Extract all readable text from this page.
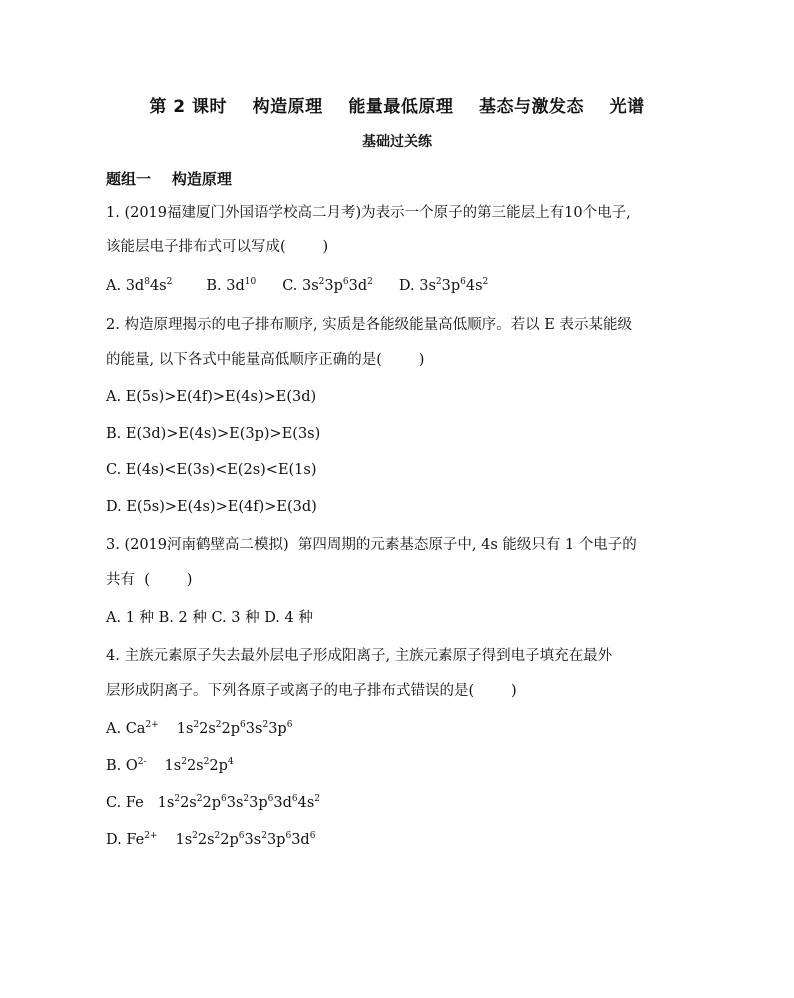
第 2 课时    构造原理    能量最低原理    基态与激发态    光谱
基础过关练
题组一    构造原理
1. (2019福建厦门外国语学校高二月考)为表示一个原子的第三能层上有10个电子,
该能层电子排布式可以写成(        )
A. $3d^84s^2$ B. $3d^{10}$ C. $3s^23p^63d^2$ D. $3s^23p^64s^2$
2. 构造原理揭示的电子排布顺序, 实质是各能级能量高低顺序。若以 E 表示某能级
的能量, 以下各式中能量高低顺序正确的是(        )
A. E(5s)>E(4f)>E(4s)>E(3d)
B. E(3d)>E(4s)>E(3p)>E(3s)
C. E(4s)<E(3s)<E(2s)<E(1s)
D. E(5s)>E(4s)>E(4f)>E(3d)
3. (2019河南鹤壁高二模拟)  第四周期的元素基态原子中, 4s 能级只有 1 个电子的
共有  (        )
A. 1 种 B. 2 种 C. 3 种 D. 4 种
4. 主族元素原子失去最外层电子形成阳离子, 主族元素原子得到电子填充在最外
层形成阴离子。下列各原子或离子的电子排布式错误的是(        )
A. $Ca^{2+}$ $1s^22s^22p^63s^23p^6$
B. $O^{2-}$ $1s^22s^22p^4$
C. Fe $1s^22s^22p^63s^23p^63d^64s^2$
D. $Fe^{2+}$ $1s^22s^22p^63s^23p^63d^6$
